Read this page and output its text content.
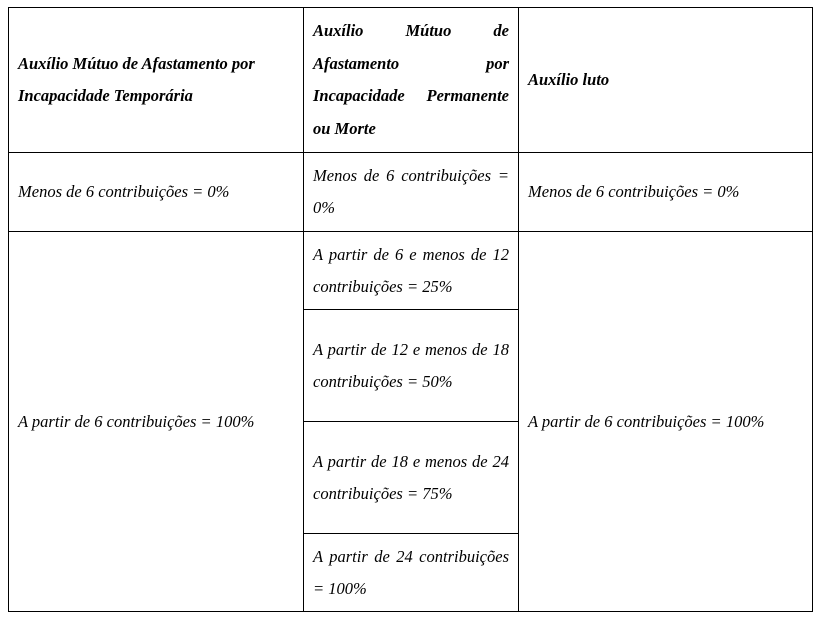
Auxílio Mútuo de Afastamento por Incapacidade Temporária	Auxílio Mútuo de Afastamento por Incapacidade Permanente ou Morte	Auxílio luto
Menos de 6 contribuições = 0%	Menos de 6 contribuições = 0%	Menos de 6 contribuições = 0%
A partir de 6 contribuições = 100%	A partir de 6 e menos de 12 contribuições = 25%	A partir de 6 contribuições = 100%
	A partir de 12 e menos de 18 contribuições = 50%	
	A partir de 18 e menos de 24 contribuições = 75%	
	A partir de 24 contribuições = 100%	
